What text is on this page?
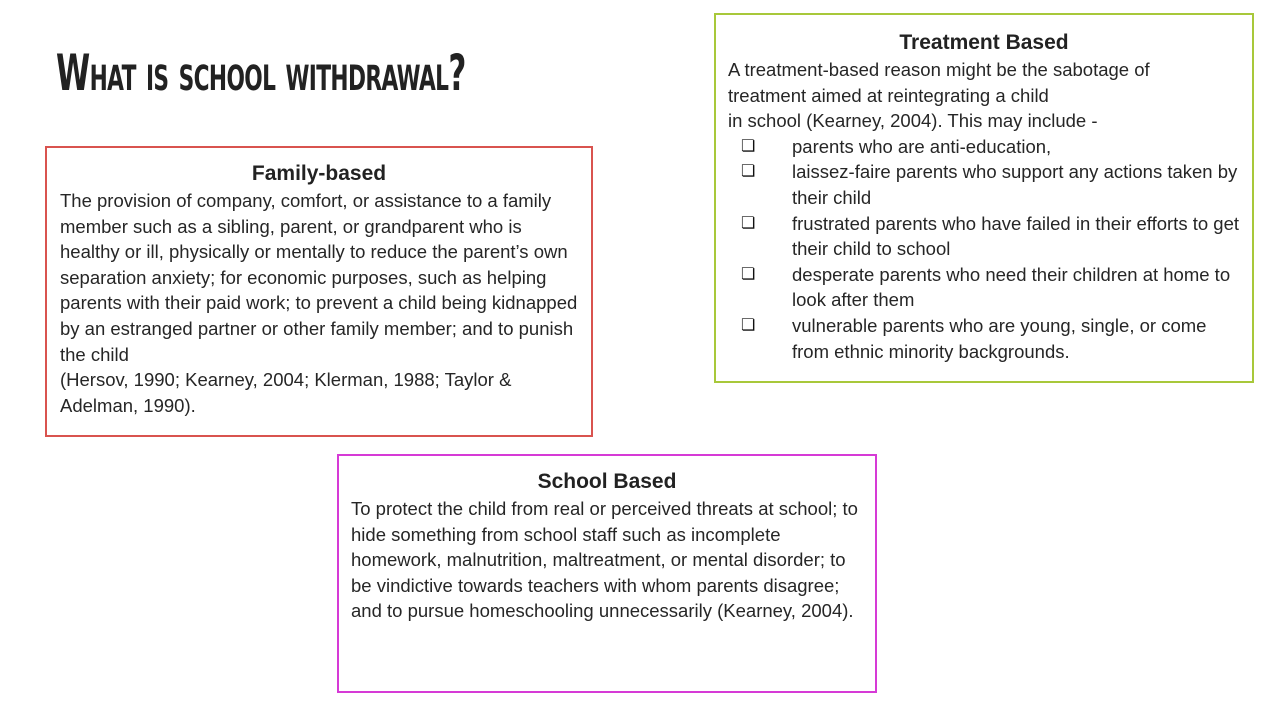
What is school withdrawal?
Family-based

The provision of company, comfort, or assistance to a family member such as a sibling, parent, or grandparent who is healthy or ill, physically or mentally to reduce the parent’s own separation anxiety; for economic purposes, such as helping parents with their paid work; to prevent a child being kidnapped by an estranged partner or other family member; and to punish the child

(Hersov, 1990; Kearney, 2004; Klerman, 1988; Taylor & Adelman, 1990).

Treatment Based

A treatment-based reason might be the sabotage of treatment aimed at reintegrating a child

in school (Kearney, 2004). This may include -

❏ parents who are anti-education,
❏ laissez-faire parents who support any actions taken by their child
❏ frustrated parents who have failed in their efforts to get their child to school
❏ desperate parents who need their children at home to look after them
❏ vulnerable parents who are young, single, or come from ethnic minority backgrounds.
School Based

To protect the child from real or perceived threats at school; to hide something from school staff such as incomplete homework, malnutrition, maltreatment, or mental disorder; to be vindictive towards teachers with whom parents disagree; and to pursue homeschooling unnecessarily (Kearney, 2004).
